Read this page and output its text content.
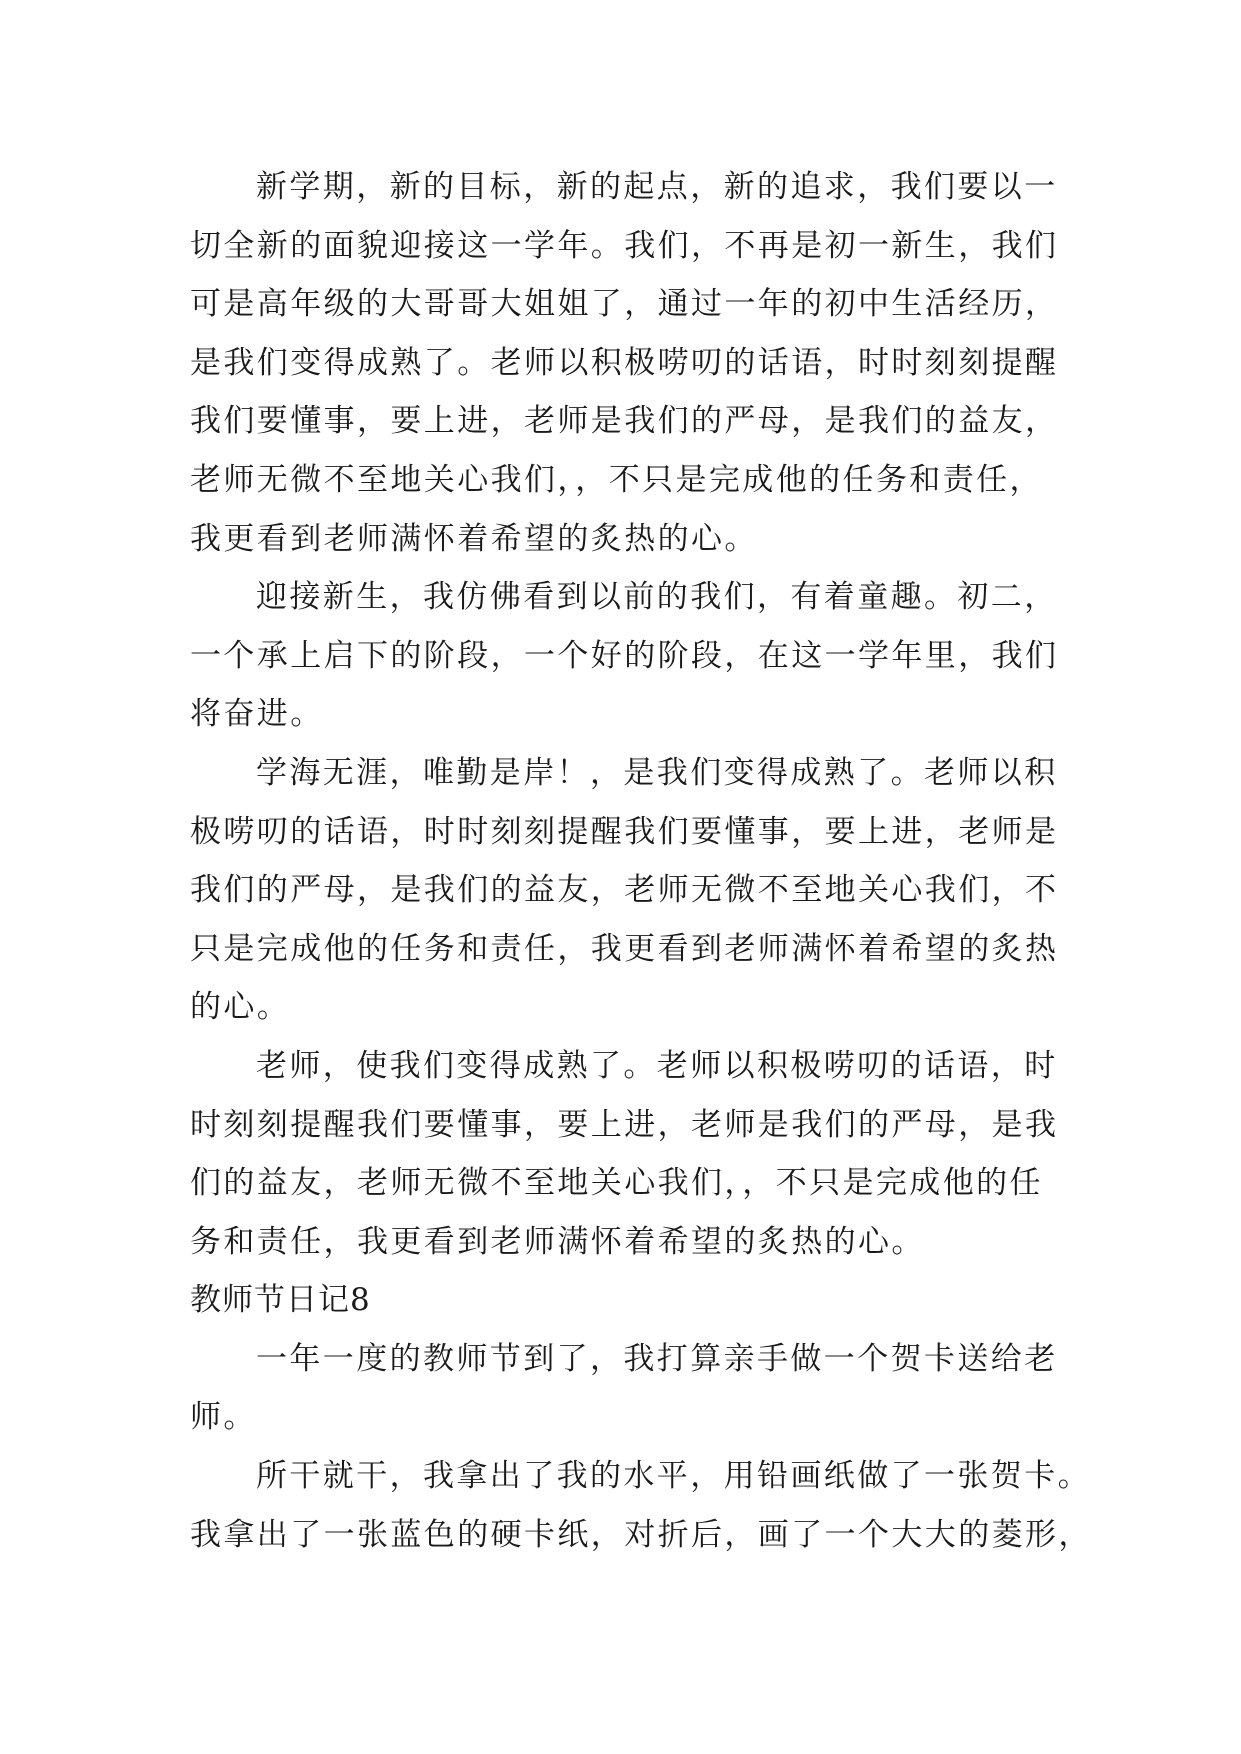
新学期，新的目标，新的起点，新的追求，我们要以一
切全新的面貌迎接这一学年。我们，不再是初一新生，我们
可是高年级的大哥哥大姐姐了，通过一年的初中生活经历，
是我们变得成熟了。老师以积极唠叨的话语，时时刻刻提醒
我们要懂事，要上进，老师是我们的严母，是我们的益友，
老师无微不至地关心我们，，不只是完成他的任务和责任，
我更看到老师满怀着希望的炙热的心。
迎接新生，我仿佛看到以前的我们，有着童趣。初二，
一个承上启下的阶段，一个好的阶段，在这一学年里，我们
将奋进。
学海无涯，唯勤是岸！，是我们变得成熟了。老师以积
极唠叨的话语，时时刻刻提醒我们要懂事，要上进，老师是
我们的严母，是我们的益友，老师无微不至地关心我们，不
只是完成他的任务和责任，我更看到老师满怀着希望的炙热
的心。
老师，使我们变得成熟了。老师以积极唠叨的话语，时
时刻刻提醒我们要懂事，要上进，老师是我们的严母，是我
们的益友，老师无微不至地关心我们，，不只是完成他的任
务和责任，我更看到老师满怀着希望的炙热的心。
教师节日记8
一年一度的教师节到了，我打算亲手做一个贺卡送给老
师。
所干就干，我拿出了我的水平，用铅画纸做了一张贺卡。
我拿出了一张蓝色的硬卡纸，对折后，画了一个大大的菱形，
